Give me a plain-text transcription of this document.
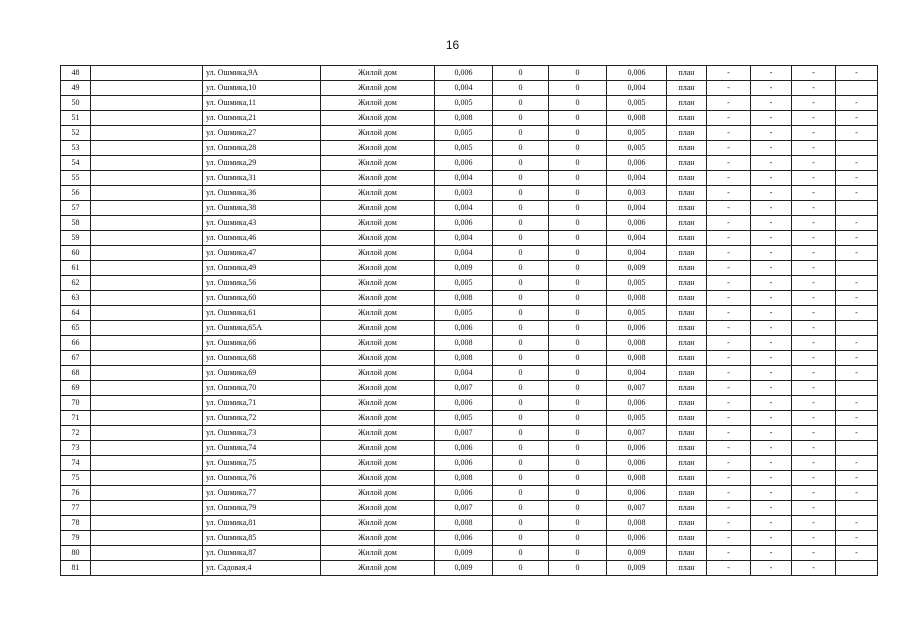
16
48		ул. Ошмика,9А	Жилой дом	0,006	0	0	0,006	план	-	-	-	-
49		ул. Ошмика,10	Жилой дом	0,004	0	0	0,004	план	-	-	-	
50		ул. Ошмика,11	Жилой дом	0,005	0	0	0,005	план	-	-	-	-
51		ул. Ошмика,21	Жилой дом	0,008	0	0	0,008	план	-	-	-	-
52		ул. Ошмика,27	Жилой дом	0,005	0	0	0,005	план	-	-	-	-
53		ул. Ошмика,28	Жилой дом	0,005	0	0	0,005	план	-	-	-	
54		ул. Ошмика,29	Жилой дом	0,006	0	0	0,006	план	-	-	-	-
55		ул. Ошмика,31	Жилой дом	0,004	0	0	0,004	план	-	-	-	-
56		ул. Ошмика,36	Жилой дом	0,003	0	0	0,003	план	-	-	-	-
57		ул. Ошмика,38	Жилой дом	0,004	0	0	0,004	план	-	-	-	
58		ул. Ошмика,43	Жилой дом	0,006	0	0	0,006	план	-	-	-	-
59		ул. Ошмика,46	Жилой дом	0,004	0	0	0,004	план	-	-	-	-
60		ул. Ошмика,47	Жилой дом	0,004	0	0	0,004	план	-	-	-	-
61		ул. Ошмика,49	Жилой дом	0,009	0	0	0,009	план	-	-	-	
62		ул. Ошмика,56	Жилой дом	0,005	0	0	0,005	план	-	-	-	-
63		ул. Ошмика,60	Жилой дом	0,008	0	0	0,008	план	-	-	-	-
64		ул. Ошмика,61	Жилой дом	0,005	0	0	0,005	план	-	-	-	-
65		ул. Ошмика,65А	Жилой дом	0,006	0	0	0,006	план	-	-	-	
66		ул. Ошмика,66	Жилой дом	0,008	0	0	0,008	план	-	-	-	-
67		ул. Ошмика,68	Жилой дом	0,008	0	0	0,008	план	-	-	-	-
68		ул. Ошмика,69	Жилой дом	0,004	0	0	0,004	план	-	-	-	-
69		ул. Ошмика,70	Жилой дом	0,007	0	0	0,007	план	-	-	-	
70		ул. Ошмика,71	Жилой дом	0,006	0	0	0,006	план	-	-	-	-
71		ул. Ошмика,72	Жилой дом	0,005	0	0	0,005	план	-	-	-	-
72		ул. Ошмика,73	Жилой дом	0,007	0	0	0,007	план	-	-	-	-
73		ул. Ошмика,74	Жилой дом	0,006	0	0	0,006	план	-	-	-	
74		ул. Ошмика,75	Жилой дом	0,006	0	0	0,006	план	-	-	-	-
75		ул. Ошмика,76	Жилой дом	0,008	0	0	0,008	план	-	-	-	-
76		ул. Ошмика,77	Жилой дом	0,006	0	0	0,006	план	-	-	-	-
77		ул. Ошмика,79	Жилой дом	0,007	0	0	0,007	план	-	-	-	
78		ул. Ошмика,81	Жилой дом	0,008	0	0	0,008	план	-	-	-	-
79		ул. Ошмика,85	Жилой дом	0,006	0	0	0,006	план	-	-	-	-
80		ул. Ошмика,87	Жилой дом	0,009	0	0	0,009	план	-	-	-	-
81		ул. Садовая,4	Жилой дом	0,009	0	0	0,009	план	-	-	-	
